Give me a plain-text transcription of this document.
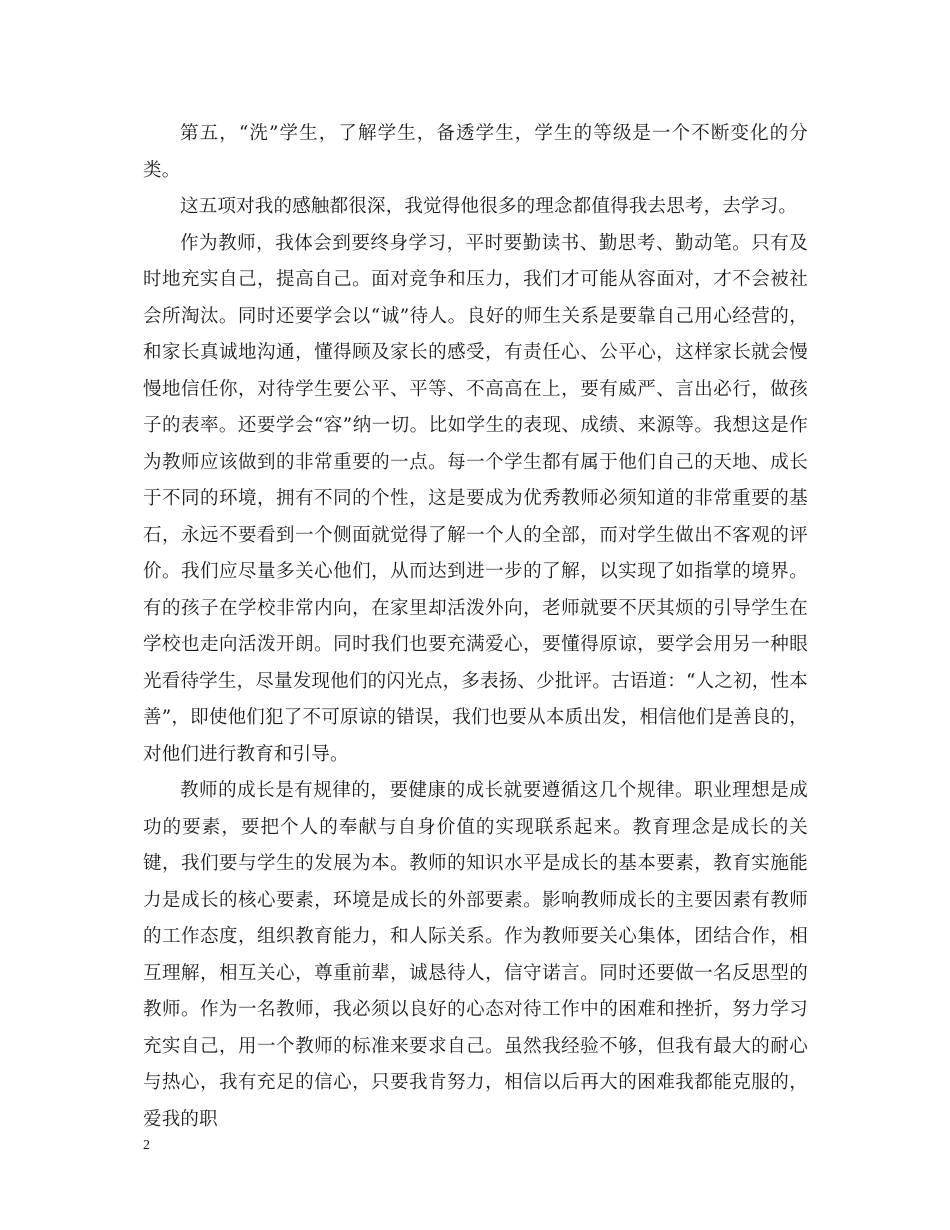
第五，“洗”学生，了解学生，备透学生，学生的等级是一个不断变化的分类。

这五项对我的感触都很深，我觉得他很多的理念都值得我去思考，去学习。

作为教师，我体会到要终身学习，平时要勤读书、勤思考、勤动笔。只有及时地充实自己，提高自己。面对竞争和压力，我们才可能从容面对，才不会被社会所淘汰。同时还要学会以“诚”待人。良好的师生关系是要靠自己用心经营的，和家长真诚地沟通，懂得顾及家长的感受，有责任心、公平心，这样家长就会慢慢地信任你，对待学生要公平、平等、不高高在上，要有威严、言出必行，做孩子的表率。还要学会“容”纳一切。比如学生的表现、成绩、来源等。我想这是作为教师应该做到的非常重要的一点。每一个学生都有属于他们自己的天地、成长于不同的环境，拥有不同的个性，这是要成为优秀教师必须知道的非常重要的基石，永远不要看到一个侧面就觉得了解一个人的全部，而对学生做出不客观的评价。我们应尽量多关心他们，从而达到进一步的了解，以实现了如指掌的境界。有的孩子在学校非常内向，在家里却活泼外向，老师就要不厌其烦的引导学生在学校也走向活泼开朗。同时我们也要充满爱心，要懂得原谅，要学会用另一种眼光看待学生，尽量发现他们的闪光点，多表扬、少批评。古语道：“人之初，性本善”，即使他们犯了不可原谅的错误，我们也要从本质出发，相信他们是善良的，对他们进行教育和引导。

教师的成长是有规律的，要健康的成长就要遵循这几个规律。职业理想是成功的要素，要把个人的奉献与自身价值的实现联系起来。教育理念是成长的关键，我们要与学生的发展为本。教师的知识水平是成长的基本要素，教育实施能力是成长的核心要素，环境是成长的外部要素。影响教师成长的主要因素有教师的工作态度，组织教育能力，和人际关系。作为教师要关心集体，团结合作，相互理解，相互关心，尊重前辈，诚恳待人，信守诺言。同时还要做一名反思型的教师。作为一名教师，我必须以良好的心态对待工作中的困难和挫折，努力学习充实自己，用一个教师的标准来要求自己。虽然我经验不够，但我有最大的耐心与热心，我有充足的信心，只要我肯努力，相信以后再大的困难我都能克服的，爱我的职

2
